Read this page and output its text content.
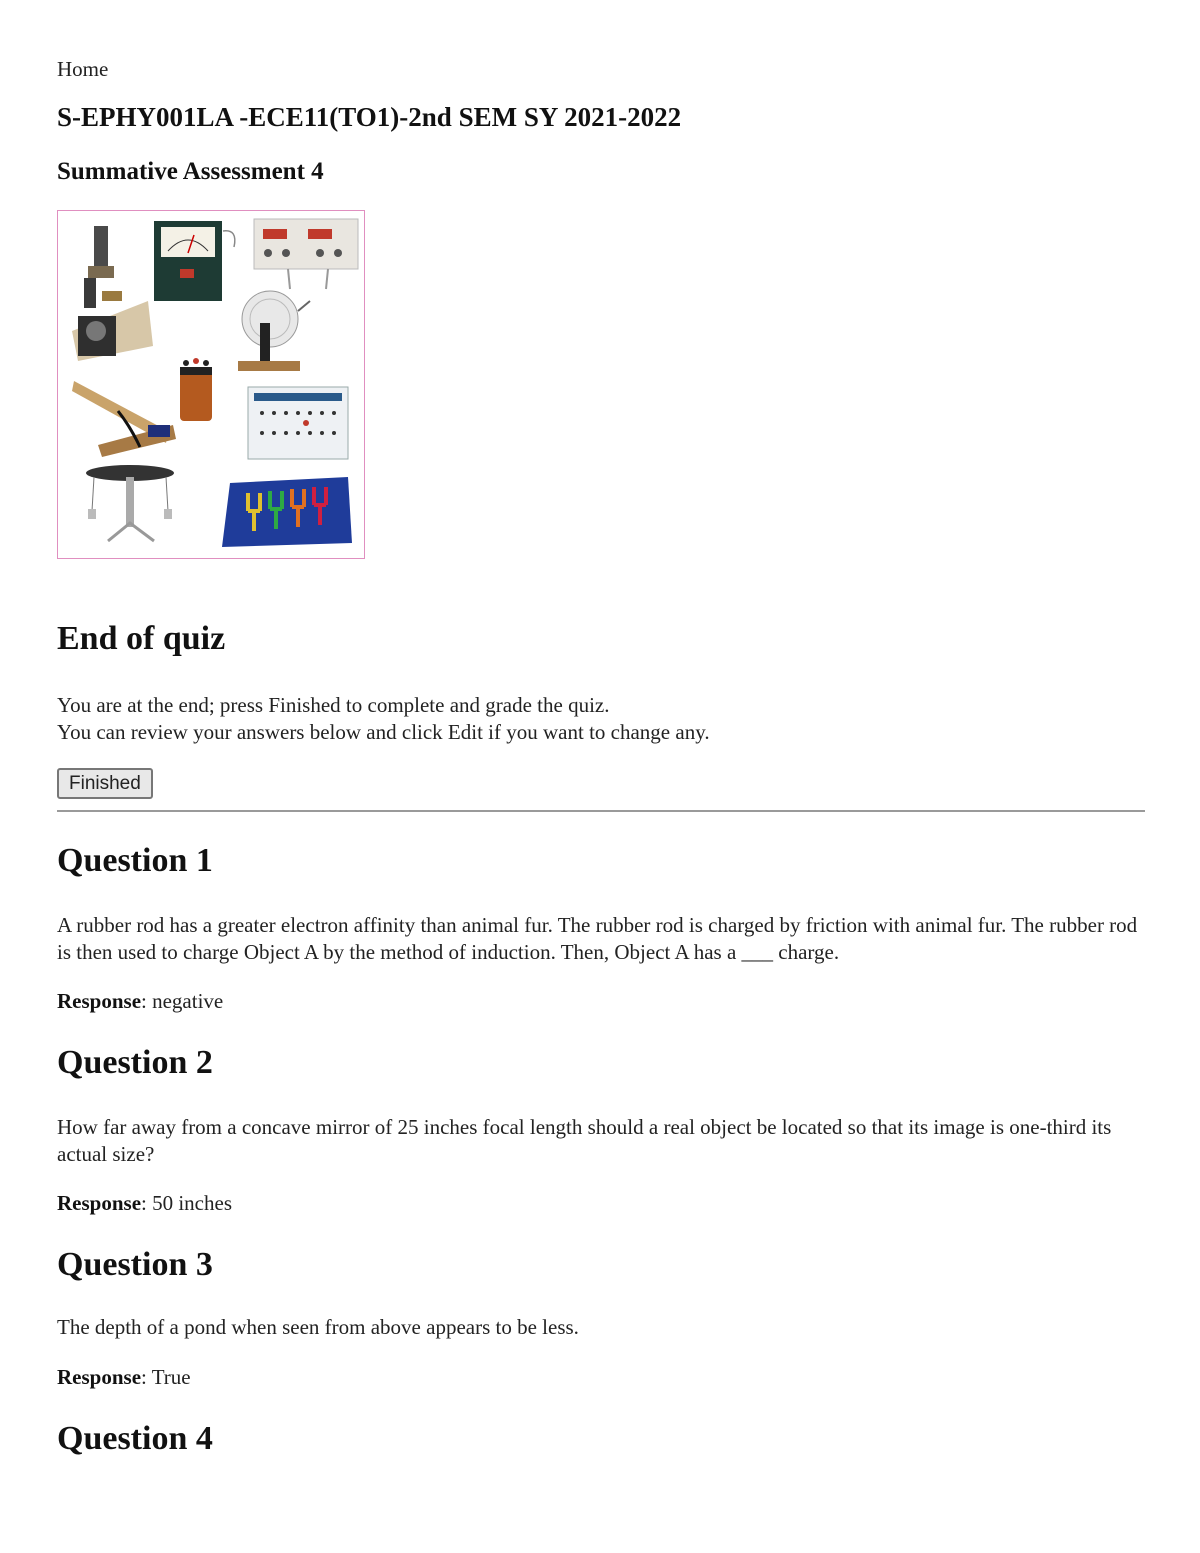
Home
S-EPHY001LA -ECE11(TO1)-2nd SEM SY 2021-2022
Summative Assessment 4
End of quiz
You are at the end; press Finished to complete and grade the quiz.
You can review your answers below and click Edit if you want to change any.
Finished
Question 1
A rubber rod has a greater electron affinity than animal fur. The rubber rod is charged by friction with animal fur. The rubber rod is then used to charge Object A by the method of induction. Then, Object A has a ___ charge.
Response: negative
Question 2
How far away from a concave mirror of 25 inches focal length should a real object be located so that its image is one-third its actual size?
Response: 50 inches
Question 3
The depth of a pond when seen from above appears to be less.
Response: True
Question 4
